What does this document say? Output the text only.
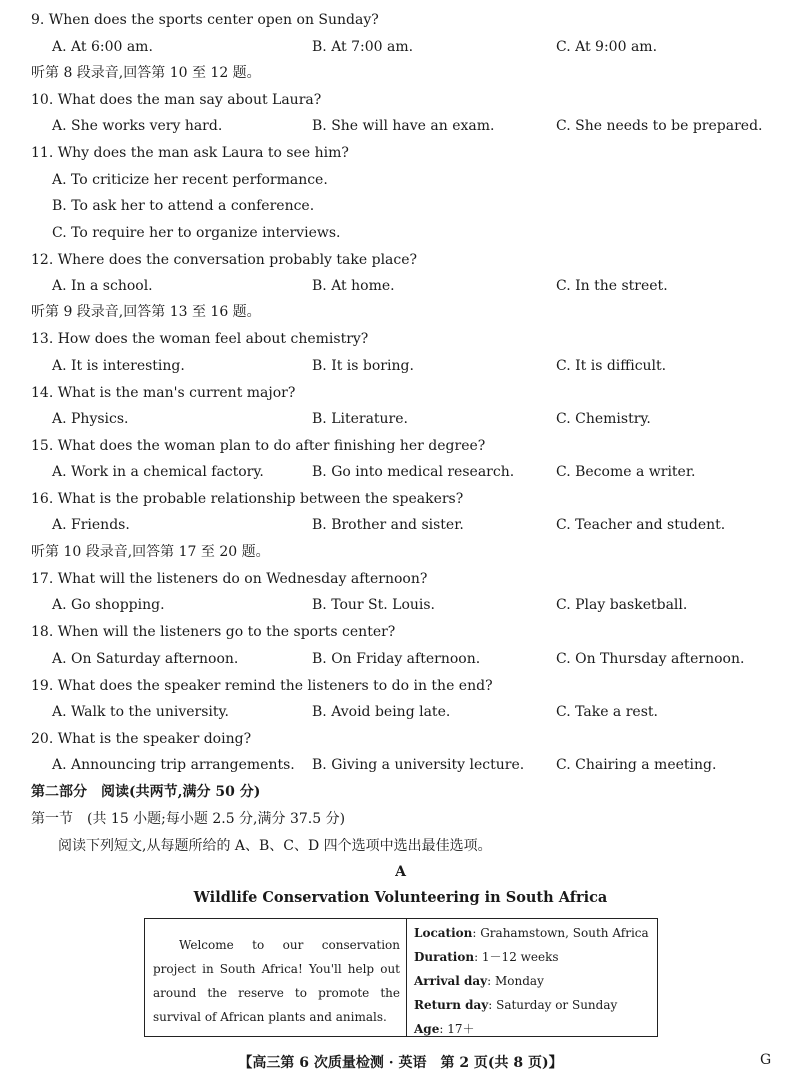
9. When does the sports center open on Sunday?
A. At 6:00 am.	B. At 7:00 am.	C. At 9:00 am.
听第 8 段录音,回答第 10 至 12 题。
10. What does the man say about Laura?
A. She works very hard.	B. She will have an exam.	C. She needs to be prepared.
11. Why does the man ask Laura to see him?
A. To criticize her recent performance.
B. To ask her to attend a conference.
C. To require her to organize interviews.
12. Where does the conversation probably take place?
A. In a school.	B. At home.	C. In the street.
听第 9 段录音,回答第 13 至 16 题。
13. How does the woman feel about chemistry?
A. It is interesting.	B. It is boring.	C. It is difficult.
14. What is the man's current major?
A. Physics.	B. Literature.	C. Chemistry.
15. What does the woman plan to do after finishing her degree?
A. Work in a chemical factory.	B. Go into medical research.	C. Become a writer.
16. What is the probable relationship between the speakers?
A. Friends.	B. Brother and sister.	C. Teacher and student.
听第 10 段录音,回答第 17 至 20 题。
17. What will the listeners do on Wednesday afternoon?
A. Go shopping.	B. Tour St. Louis.	C. Play basketball.
18. When will the listeners go to the sports center?
A. On Saturday afternoon.	B. On Friday afternoon.	C. On Thursday afternoon.
19. What does the speaker remind the listeners to do in the end?
A. Walk to the university.	B. Avoid being late.	C. Take a rest.
20. What is the speaker doing?
A. Announcing trip arrangements. B. Giving a university lecture. C. Chairing a meeting.
第二部分　阅读(共两节,满分 50 分)
第一节　(共 15 小题;每小题 2.5 分,满分 37.5 分)
阅读下列短文,从每题所给的 A、B、C、D 四个选项中选出最佳选项。
A
Wildlife Conservation Volunteering in South Africa
Welcome to our conservation project in South Africa! You'll help out around the reserve to promote the survival of African plants and animals.
Location: Grahamstown, South Africa
Duration: 1－12 weeks
Arrival day: Monday
Return day: Saturday or Sunday
Age: 17＋
【高三第 6 次质量检测 · 英语　第 2 页(共 8 页)】	G
